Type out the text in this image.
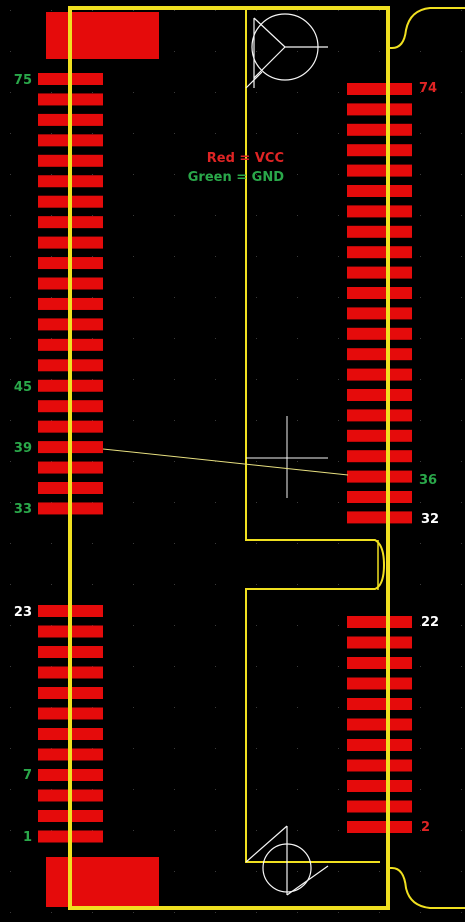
Red = VCC
Green = GND
75
45
39
33
23
7
1
74
36
32
22
2
